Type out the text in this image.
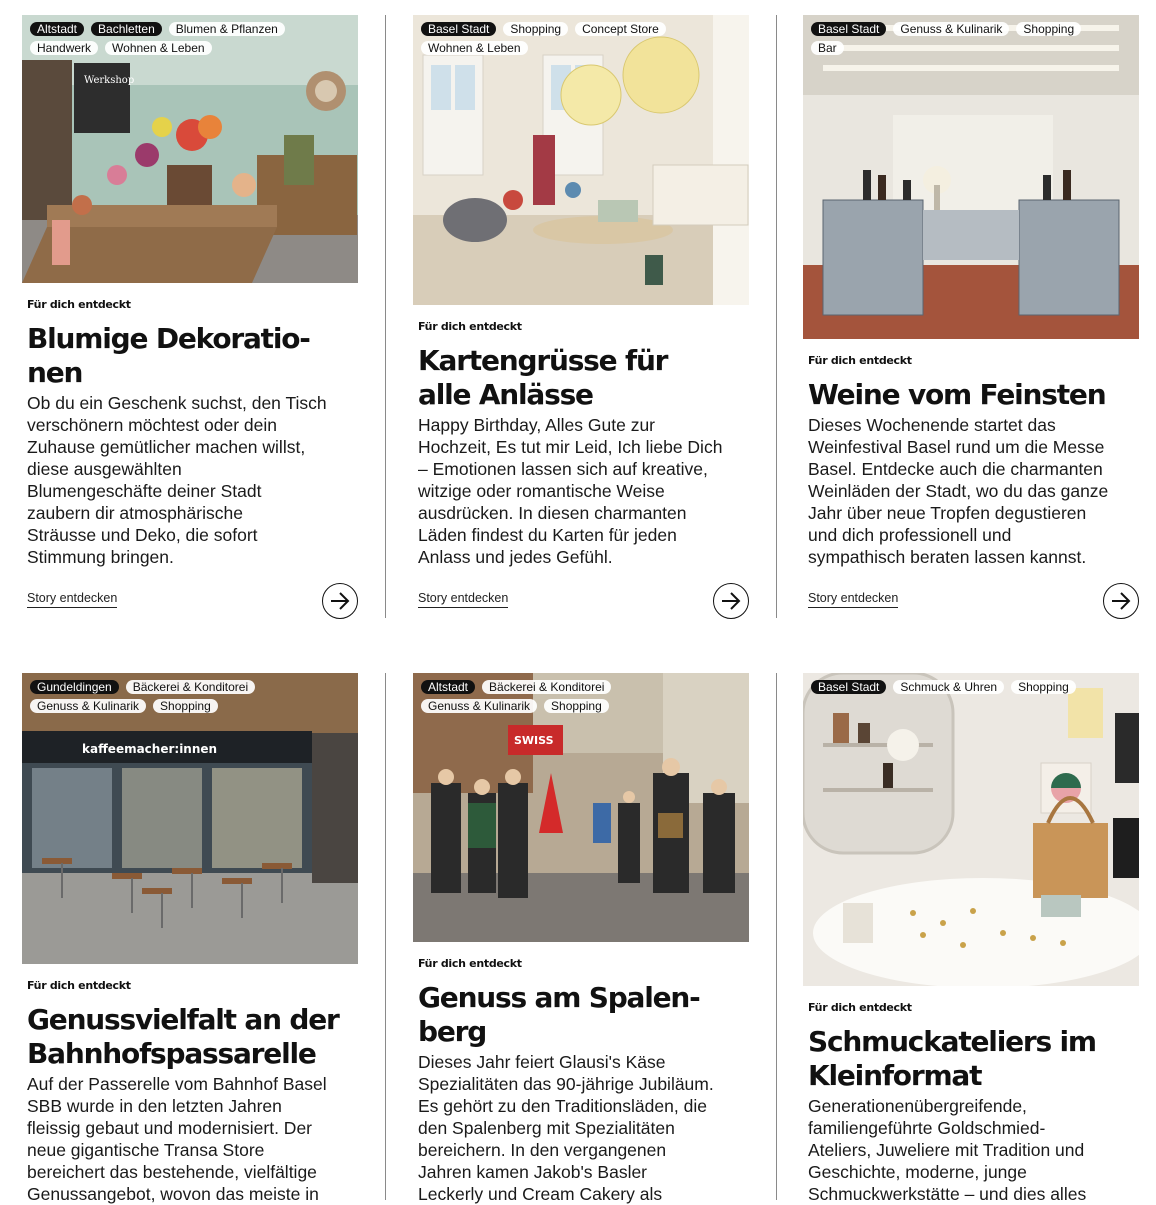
Werkshop
Altstadt	Bachletten	Blumen & Pflanzen
Handwerk	Wohnen & Leben
Für dich entdeckt
Blumige Dekoratio-
nen
Ob du ein Geschenk suchst, den Tisch
verschönern möchtest oder dein
Zuhause gemütlicher machen willst,
diese ausgewählten
Blumengeschäfte deiner Stadt
zaubern dir atmosphärische
Sträusse und Deko, die sofort
Stimmung bringen.
Story entdecken
Basel Stadt	Shopping	Concept Store
Wohnen & Leben
Für dich entdeckt
Kartengrüsse für
alle Anlässe
Happy Birthday, Alles Gute zur
Hochzeit, Es tut mir Leid, Ich liebe Dich
– Emotionen lassen sich auf kreative,
witzige oder romantische Weise
ausdrücken. In diesen charmanten
Läden findest du Karten für jeden
Anlass und jedes Gefühl.
Story entdecken
Basel Stadt	Genuss & Kulinarik	Shopping
Bar
Für dich entdeckt
Weine vom Feinsten
Dieses Wochenende startet das
Weinfestival Basel rund um die Messe
Basel. Entdecke auch die charmanten
Weinläden der Stadt, wo du das ganze
Jahr über neue Tropfen degustieren
und dich professionell und
sympathisch beraten lassen kannst.
Story entdecken
kaffeemacher:innen
Gundeldingen	Bäckerei & Konditorei
Genuss & Kulinarik	Shopping
Für dich entdeckt
Genussvielfalt an der
Bahnhofspassarelle
Auf der Passerelle vom Bahnhof Basel
SBB wurde in den letzten Jahren
fleissig gebaut und modernisiert. Der
neue gigantische Transa Store
bereichert das bestehende, vielfältige
Genussangebot, wovon das meiste in
SWISS
Altstadt	Bäckerei & Konditorei
Genuss & Kulinarik	Shopping
Für dich entdeckt
Genuss am Spalen-
berg
Dieses Jahr feiert Glausi's Käse
Spezialitäten das 90-jährige Jubiläum.
Es gehört zu den Traditionsläden, die
den Spalenberg mit Spezialitäten
bereichern. In den vergangenen
Jahren kamen Jakob's Basler
Leckerly und Cream Cakery als
Basel Stadt	Schmuck & Uhren	Shopping
Für dich entdeckt
Schmuckateliers im
Kleinformat
Generationenübergreifende,
familiengeführte Goldschmied-
Ateliers, Juweliere mit Tradition und
Geschichte, moderne, junge
Schmuckwerkstätte – und dies alles
